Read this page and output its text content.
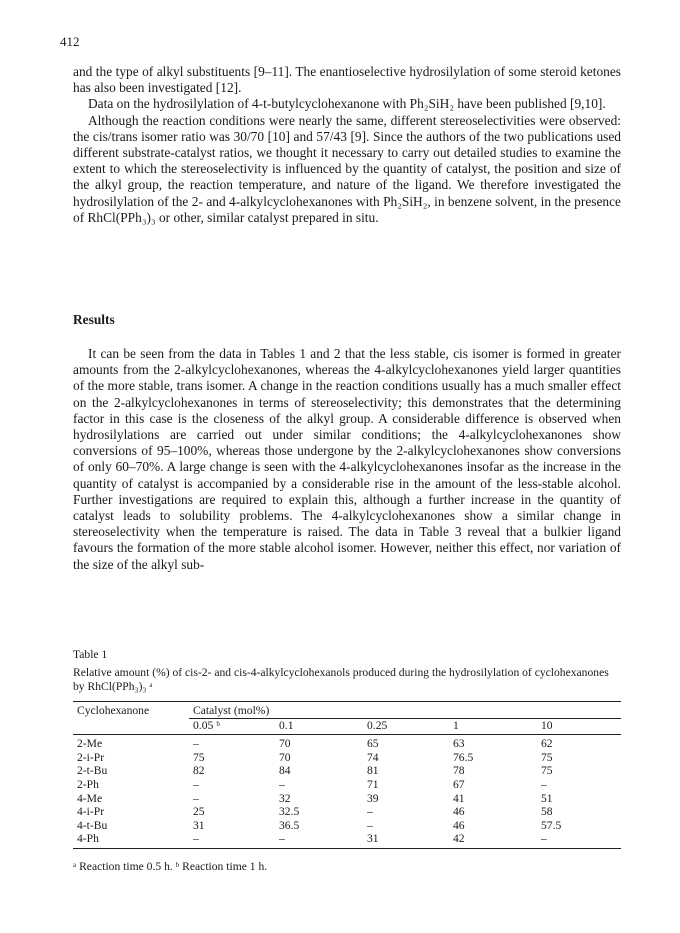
412

and the type of alkyl substituents [9–11]. The enantioselective hydrosilylation of some steroid ketones has also been investigated [12].

Data on the hydrosilylation of 4-t-butylcyclohexanone with Ph₂SiH₂ have been published [9,10].

Although the reaction conditions were nearly the same, different stereoselectivities were observed: the cis/trans isomer ratio was 30/70 [10] and 57/43 [9]. Since the authors of the two publications used different substrate-catalyst ratios, we thought it necessary to carry out detailed studies to examine the extent to which the stereoselectivity is influenced by the quantity of catalyst, the position and size of the alkyl group, the reaction temperature, and nature of the ligand. We therefore investigated the hydrosilylation of the 2- and 4-alkylcyclohexanones with Ph₂SiH₂, in benzene solvent, in the presence of RhCl(PPh₃)₃ or other, similar catalyst prepared in situ.

Results

It can be seen from the data in Tables 1 and 2 that the less stable, cis isomer is formed in greater amounts from the 2-alkylcyclohexanones, whereas the 4-alkylcyclohexanones yield larger quantities of the more stable, trans isomer. A change in the reaction conditions usually has a much smaller effect on the 2-alkylcyclohexanones in terms of stereoselectivity; this demonstrates that the determining factor in this case is the closeness of the alkyl group. A considerable difference is observed when hydrosilylations are carried out under similar conditions; the 4-alkylcyclohexanones show conversions of 95–100%, whereas those undergone by the 2-alkylcyclohexanones show conversions of only 60–70%. A large change is seen with the 4-alkylcyclohexanones insofar as the increase in the quantity of catalyst is accompanied by a considerable rise in the amount of the less-stable alcohol. Further investigations are required to explain this, although a further increase in the quantity of catalyst leads to solubility problems. The 4-alkylcyclohexanones show a similar change in stereoselectivity when the temperature is raised. The data in Table 3 reveal that a bulkier ligand favours the formation of the more stable alcohol isomer. However, neither this effect, nor variation of the size of the alkyl sub-

Table 1
Relative amount (%) of cis-2- and cis-4-alkylcyclohexanols produced during the hydrosilylation of cyclohexanones by RhCl(PPh₃)₃ ᵃ
Cyclohexanone	Catalyst (mol%)				
	0.05 ᵇ	0.1	0.25	1	10
2-Me	–	70	65	63	62
2-i-Pr	75	70	74	76.5	75
2-t-Bu	82	84	81	78	75
2-Ph	–	–	71	67	–
4-Me	–	32	39	41	51
4-i-Pr	25	32.5	–	46	58
4-t-Bu	31	36.5	–	46	57.5
4-Ph	–	–	31	42	–
ᵃ Reaction time 0.5 h. ᵇ Reaction time 1 h.
